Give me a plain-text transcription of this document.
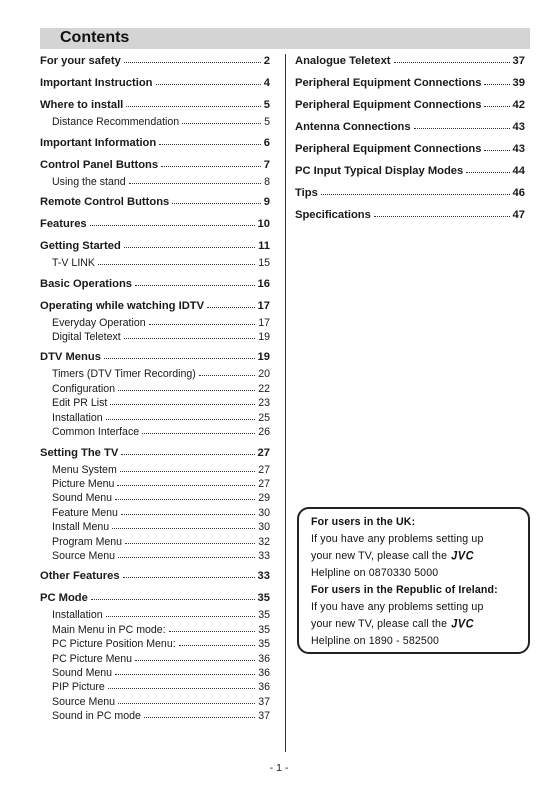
Contents
For your safety	2
Important Instruction	4
Where to install	5
Distance Recommendation	5
Important Information	6
Control Panel Buttons	7
Using the stand	8
Remote Control Buttons	9
Features	10
Getting Started	11
T-V LINK	15
Basic Operations	16
Operating while watching IDTV	17
Everyday Operation	17
Digital Teletext	19
DTV Menus	19
Timers (DTV Timer Recording)	20
Configuration	22
Edit PR List	23
Installation	25
Common Interface	26
Setting The TV	27
Menu System	27
Picture Menu	27
Sound Menu	29
Feature Menu	30
Install Menu	30
Program Menu	32
Source Menu	33
Other Features	33
PC Mode	35
Installation	35
Main Menu in PC mode:	35
PC Picture Position Menu:	35
PC Picture Menu	36
Sound Menu	36
PIP Picture	36
Source Menu	37
Sound in PC mode	37
Analogue Teletext	37
Peripheral Equipment Connections	39
Peripheral Equipment Connections	42
Antenna Connections	43
Peripheral Equipment Connections	43
PC Input Typical Display Modes	44
Tips	46
Specifications	47
For users in the UK:
If you have any problems setting up
your new TV, please call the JVC
Helpline on 0870330 5000
For users in the Republic of Ireland:
If you have any problems setting up
your new TV, please call the JVC
Helpline on 1890 - 582500
- 1 -
